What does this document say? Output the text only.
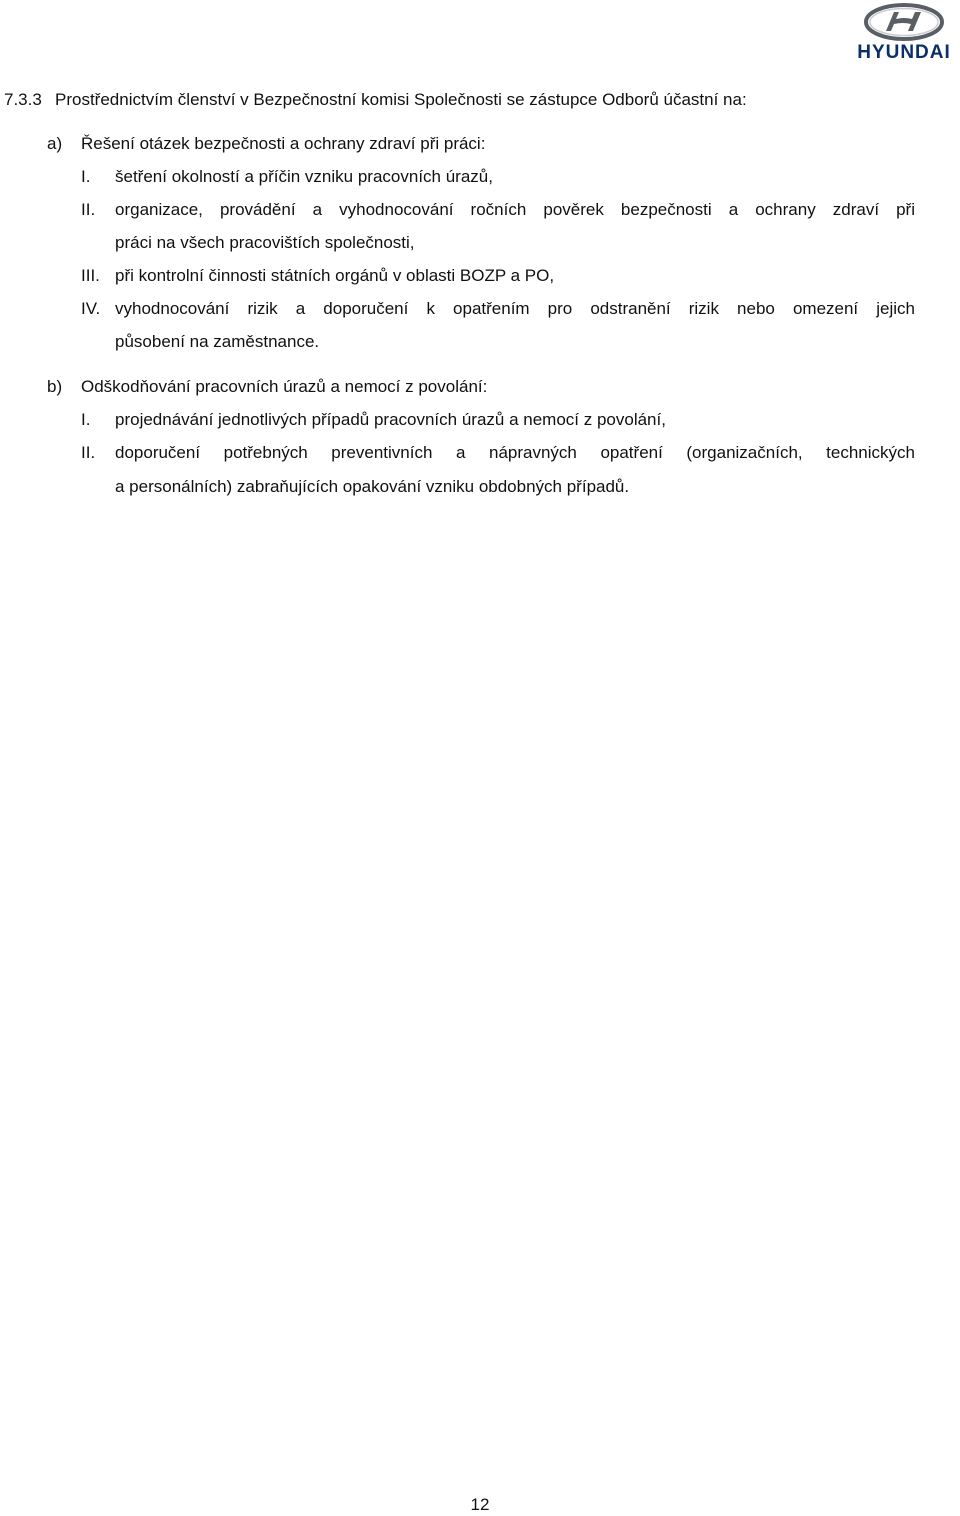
HYUNDAI
7.3.3 Prostřednictvím členství v Bezpečnostní komisi Společnosti se zástupce Odborů účastní na:
a) Řešení otázek bezpečnosti a ochrany zdraví při práci:
I. šetření okolností a příčin vzniku pracovních úrazů,
II. organizace, provádění a vyhodnocování ročních pověrek bezpečnosti a ochrany zdraví při
práci na všech pracovištích společnosti,
III. při kontrolní činnosti státních orgánů v oblasti BOZP a PO,
IV. vyhodnocování rizik a doporučení k opatřením pro odstranění rizik nebo omezení jejich
působení na zaměstnance.
b) Odškodňování pracovních úrazů a nemocí z povolání:
I. projednávání jednotlivých případů pracovních úrazů a nemocí z povolání,
II. doporučení potřebných preventivních a nápravných opatření (organizačních, technických
a personálních) zabraňujících opakování vzniku obdobných případů.
12
